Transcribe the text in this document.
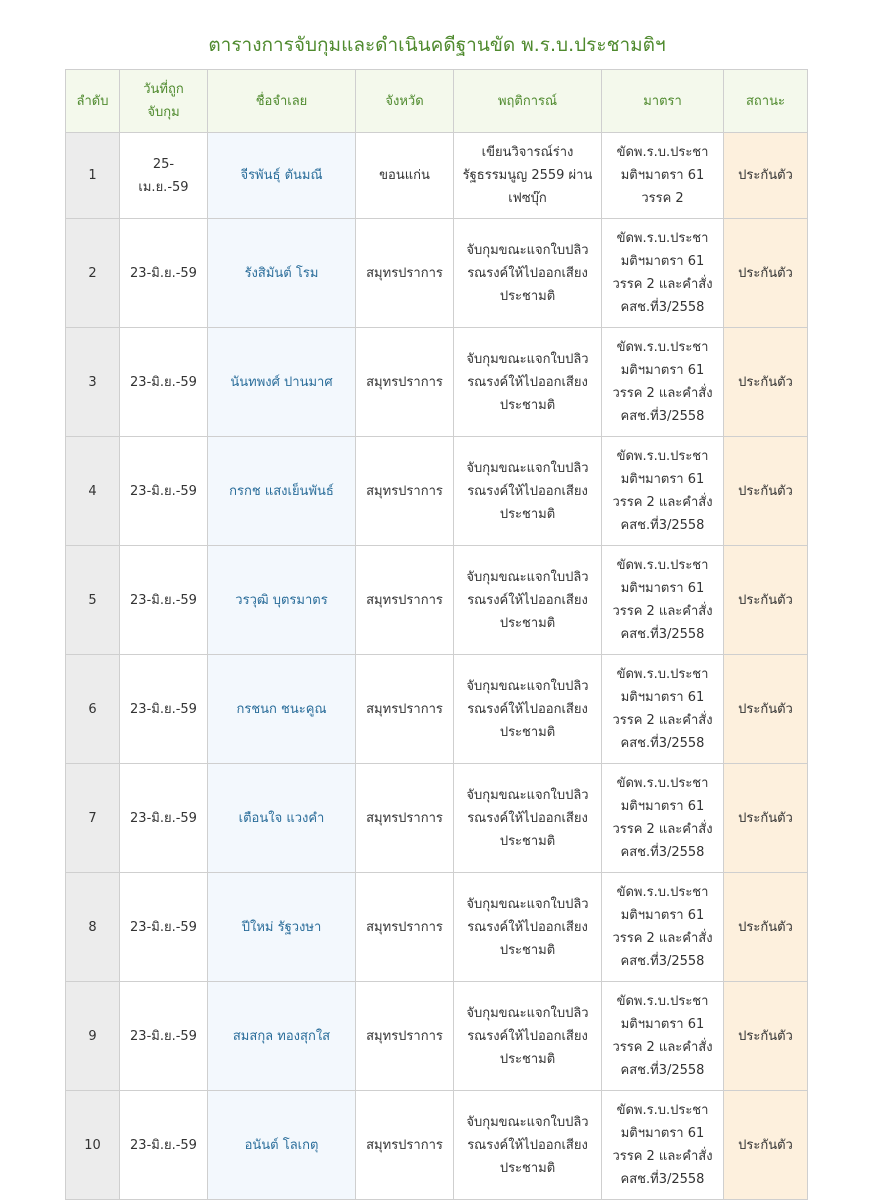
ตารางการจับกุมและดำเนินคดีฐานขัด พ.ร.บ.ประชามติฯ
ลำดับ	วันที่ถูก
จับกุม	ชื่อจำเลย	จังหวัด	พฤติการณ์	มาตรา	สถานะ
1	25-เม.ย.-59	จีรพันธุ์ ตันมณี	ขอนแก่น	เขียนวิจารณ์ร่าง
รัฐธรรมนูญ 2559 ผ่าน
เฟซบุ๊ก	ขัดพ.ร.บ.ประชา
มติฯมาตรา 61
วรรค 2	ประกันตัว
2	23-มิ.ย.-59	รังสิมันต์ โรม	สมุทรปราการ	จับกุมขณะแจกใบปลิว
รณรงค์ให้ไปออกเสียง
ประชามติ	ขัดพ.ร.บ.ประชา
มติฯมาตรา 61
วรรค 2 และคำสั่ง
คสช.ที่3/2558	ประกันตัว
3	23-มิ.ย.-59	นันทพงศ์ ปานมาศ	สมุทรปราการ	จับกุมขณะแจกใบปลิว
รณรงค์ให้ไปออกเสียง
ประชามติ	ขัดพ.ร.บ.ประชา
มติฯมาตรา 61
วรรค 2 และคำสั่ง
คสช.ที่3/2558	ประกันตัว
4	23-มิ.ย.-59	กรกช แสงเย็นพันธ์	สมุทรปราการ	จับกุมขณะแจกใบปลิว
รณรงค์ให้ไปออกเสียง
ประชามติ	ขัดพ.ร.บ.ประชา
มติฯมาตรา 61
วรรค 2 และคำสั่ง
คสช.ที่3/2558	ประกันตัว
5	23-มิ.ย.-59	วรวุฒิ บุตรมาตร	สมุทรปราการ	จับกุมขณะแจกใบปลิว
รณรงค์ให้ไปออกเสียง
ประชามติ	ขัดพ.ร.บ.ประชา
มติฯมาตรา 61
วรรค 2 และคำสั่ง
คสช.ที่3/2558	ประกันตัว
6	23-มิ.ย.-59	กรชนก ชนะคูณ	สมุทรปราการ	จับกุมขณะแจกใบปลิว
รณรงค์ให้ไปออกเสียง
ประชามติ	ขัดพ.ร.บ.ประชา
มติฯมาตรา 61
วรรค 2 และคำสั่ง
คสช.ที่3/2558	ประกันตัว
7	23-มิ.ย.-59	เตือนใจ แวงคำ	สมุทรปราการ	จับกุมขณะแจกใบปลิว
รณรงค์ให้ไปออกเสียง
ประชามติ	ขัดพ.ร.บ.ประชา
มติฯมาตรา 61
วรรค 2 และคำสั่ง
คสช.ที่3/2558	ประกันตัว
8	23-มิ.ย.-59	ปีใหม่ รัฐวงษา	สมุทรปราการ	จับกุมขณะแจกใบปลิว
รณรงค์ให้ไปออกเสียง
ประชามติ	ขัดพ.ร.บ.ประชา
มติฯมาตรา 61
วรรค 2 และคำสั่ง
คสช.ที่3/2558	ประกันตัว
9	23-มิ.ย.-59	สมสกุล ทองสุกใส	สมุทรปราการ	จับกุมขณะแจกใบปลิว
รณรงค์ให้ไปออกเสียง
ประชามติ	ขัดพ.ร.บ.ประชา
มติฯมาตรา 61
วรรค 2 และคำสั่ง
คสช.ที่3/2558	ประกันตัว
10	23-มิ.ย.-59	อนันต์ โลเกตุ	สมุทรปราการ	จับกุมขณะแจกใบปลิว
รณรงค์ให้ไปออกเสียง
ประชามติ	ขัดพ.ร.บ.ประชา
มติฯมาตรา 61
วรรค 2 และคำสั่ง
คสช.ที่3/2558	ประกันตัว
